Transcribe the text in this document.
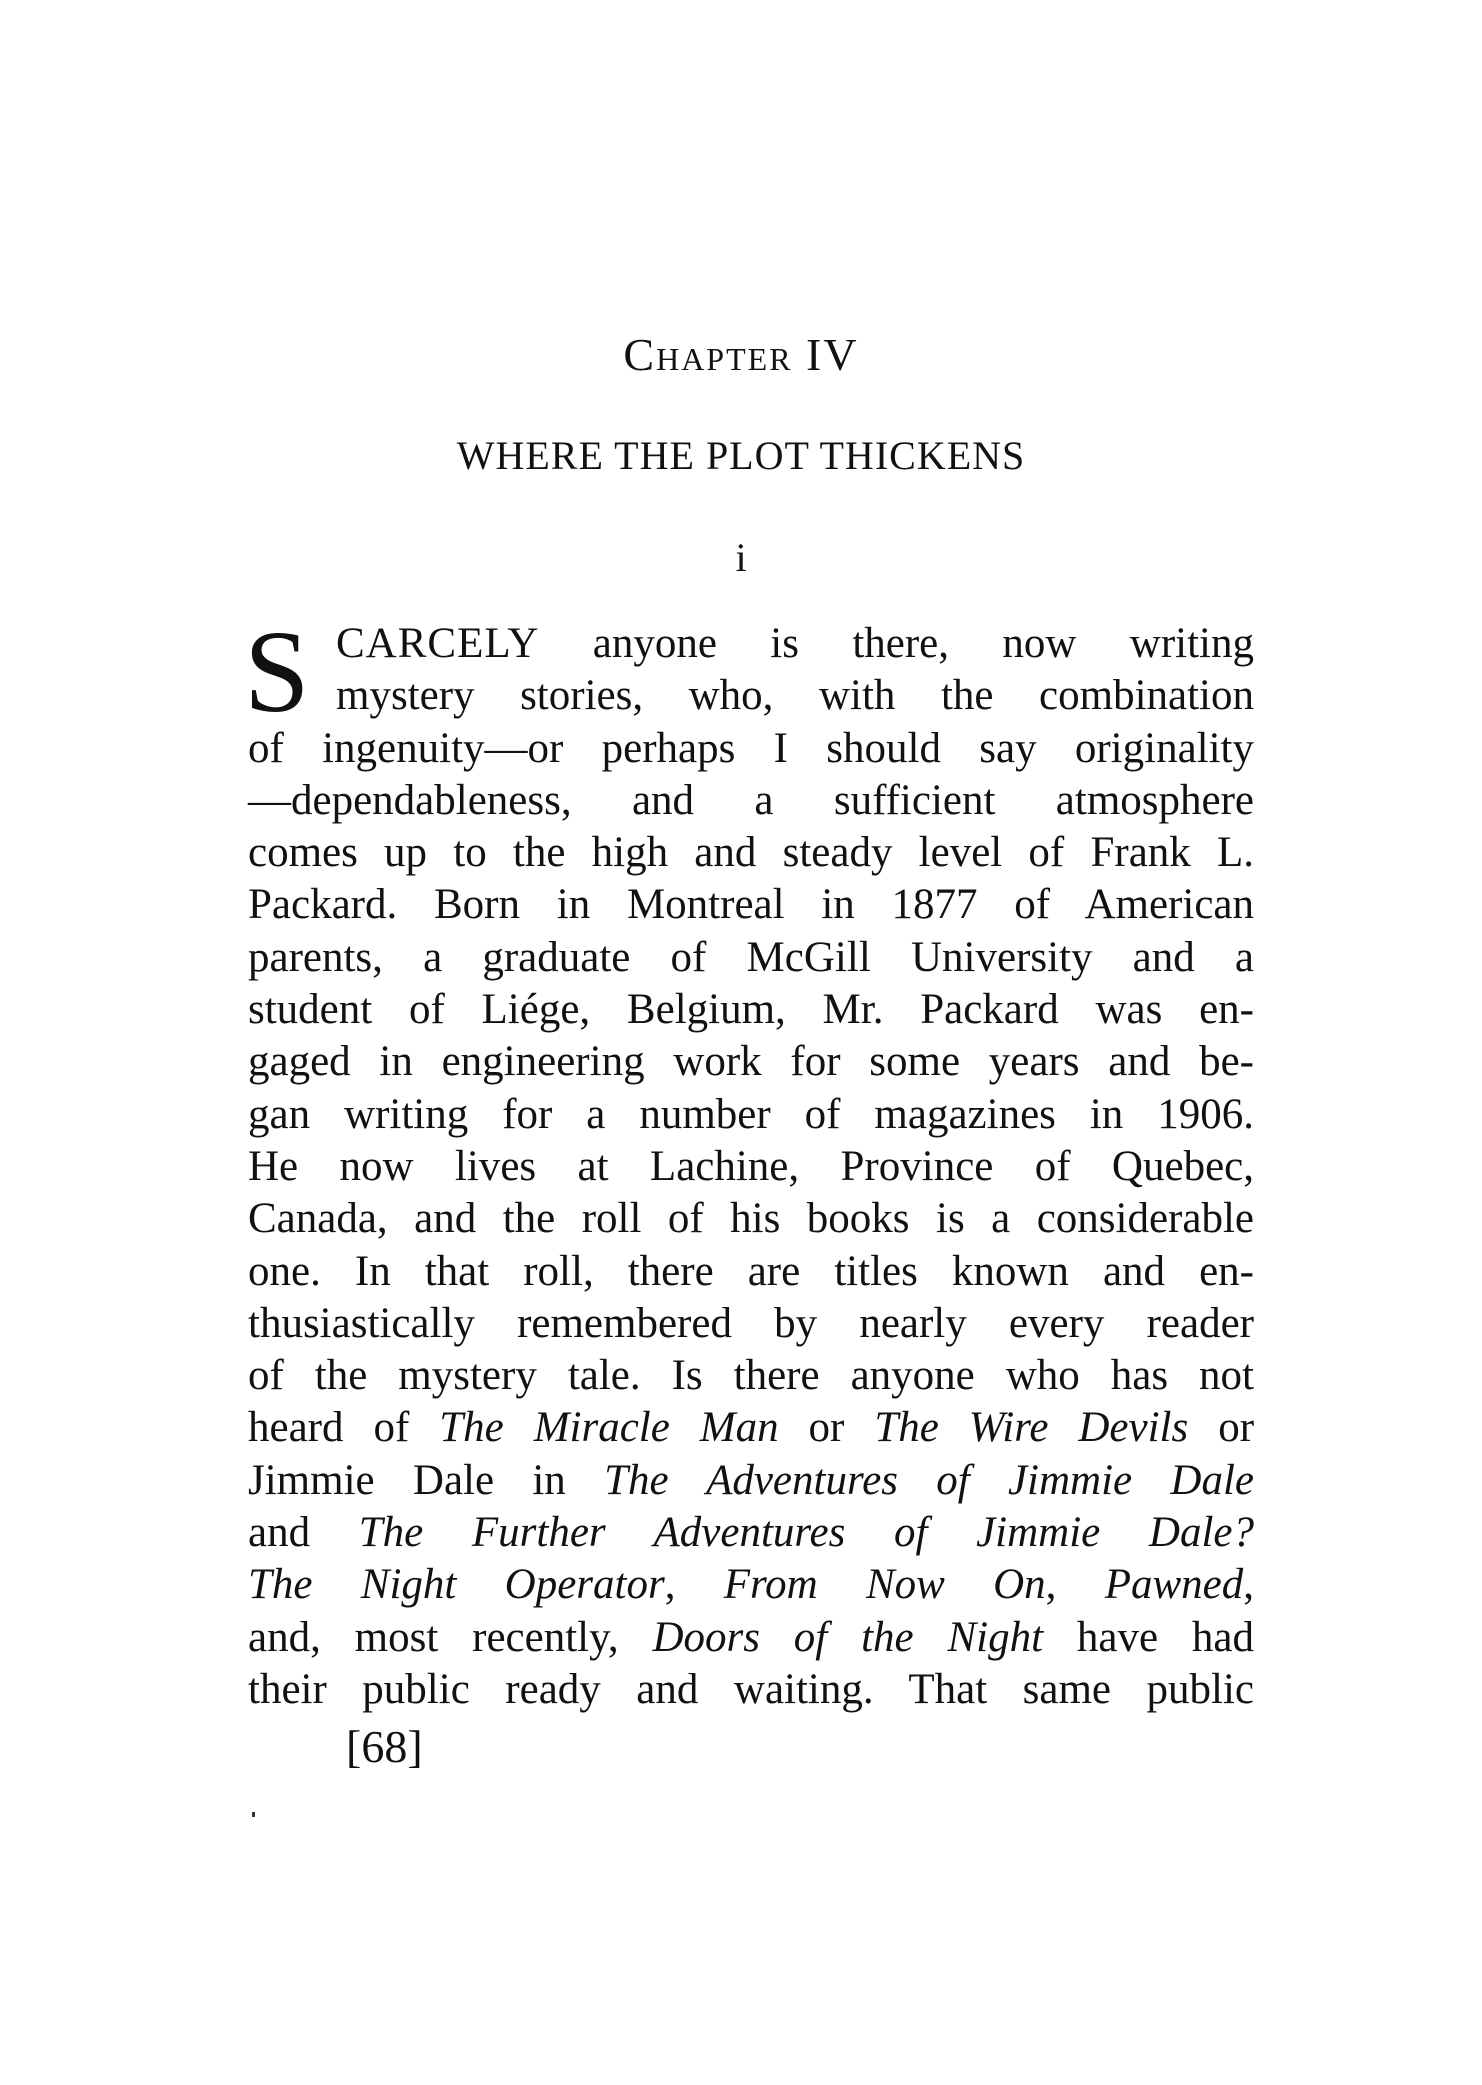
Chapter IV
WHERE THE PLOT THICKENS
i
S CARCELY anyone is there, now writing
mystery stories, who, with the combination
of ingenuity—or perhaps I should say originality
—dependableness, and a sufficient atmosphere
comes up to the high and steady level of Frank L.
Packard. Born in Montreal in 1877 of American
parents, a graduate of McGill University and a
student of Liége, Belgium, Mr. Packard was en-
gaged in engineering work for some years and be-
gan writing for a number of magazines in 1906.
He now lives at Lachine, Province of Quebec,
Canada, and the roll of his books is a considerable
one. In that roll, there are titles known and en-
thusiastically remembered by nearly every reader
of the mystery tale. Is there anyone who has not
heard of The Miracle Man or The Wire Devils or
Jimmie Dale in The Adventures of Jimmie Dale
and The Further Adventures of Jimmie Dale?
The Night Operator, From Now On, Pawned,
and, most recently, Doors of the Night have had
their public ready and waiting. That same public
[68]
